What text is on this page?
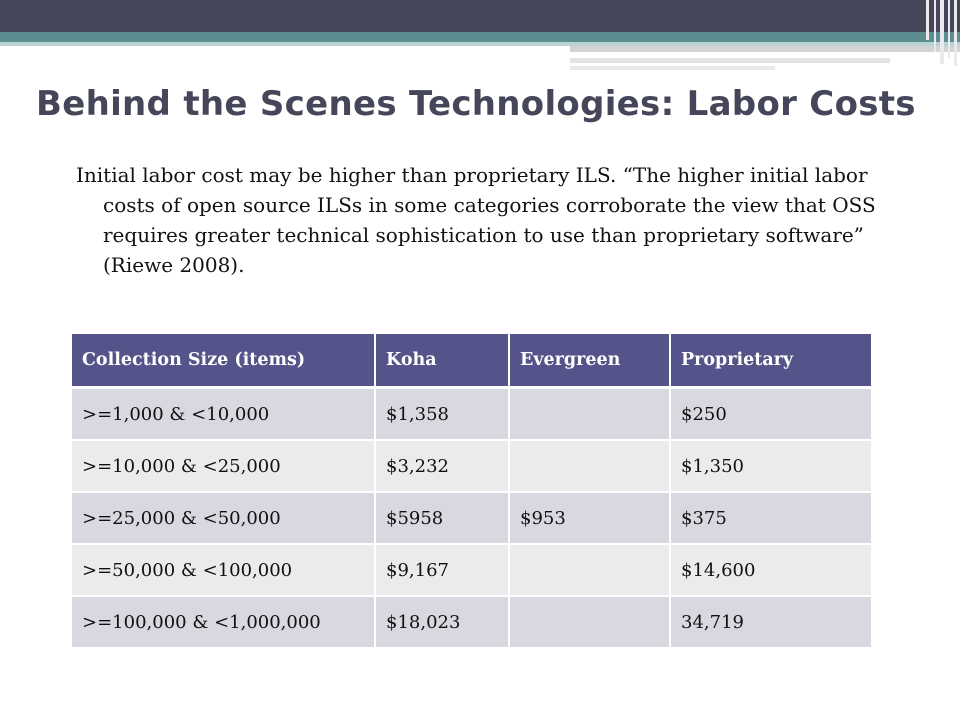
Behind the Scenes Technologies: Labor Costs
Initial labor cost may be higher than proprietary ILS. “The higher initial labor costs of open source ILSs in some categories corroborate the view that OSS requires greater technical sophistication to use than proprietary software” (Riewe 2008).
Collection Size (items)	Koha	Evergreen	Proprietary
>=1,000 & <10,000	$1,358		$250
>=10,000 & <25,000	$3,232		$1,350
>=25,000 & <50,000	$5958	$953	$375
>=50,000 & <100,000	$9,167		$14,600
>=100,000 & <1,000,000	$18,023		34,719
